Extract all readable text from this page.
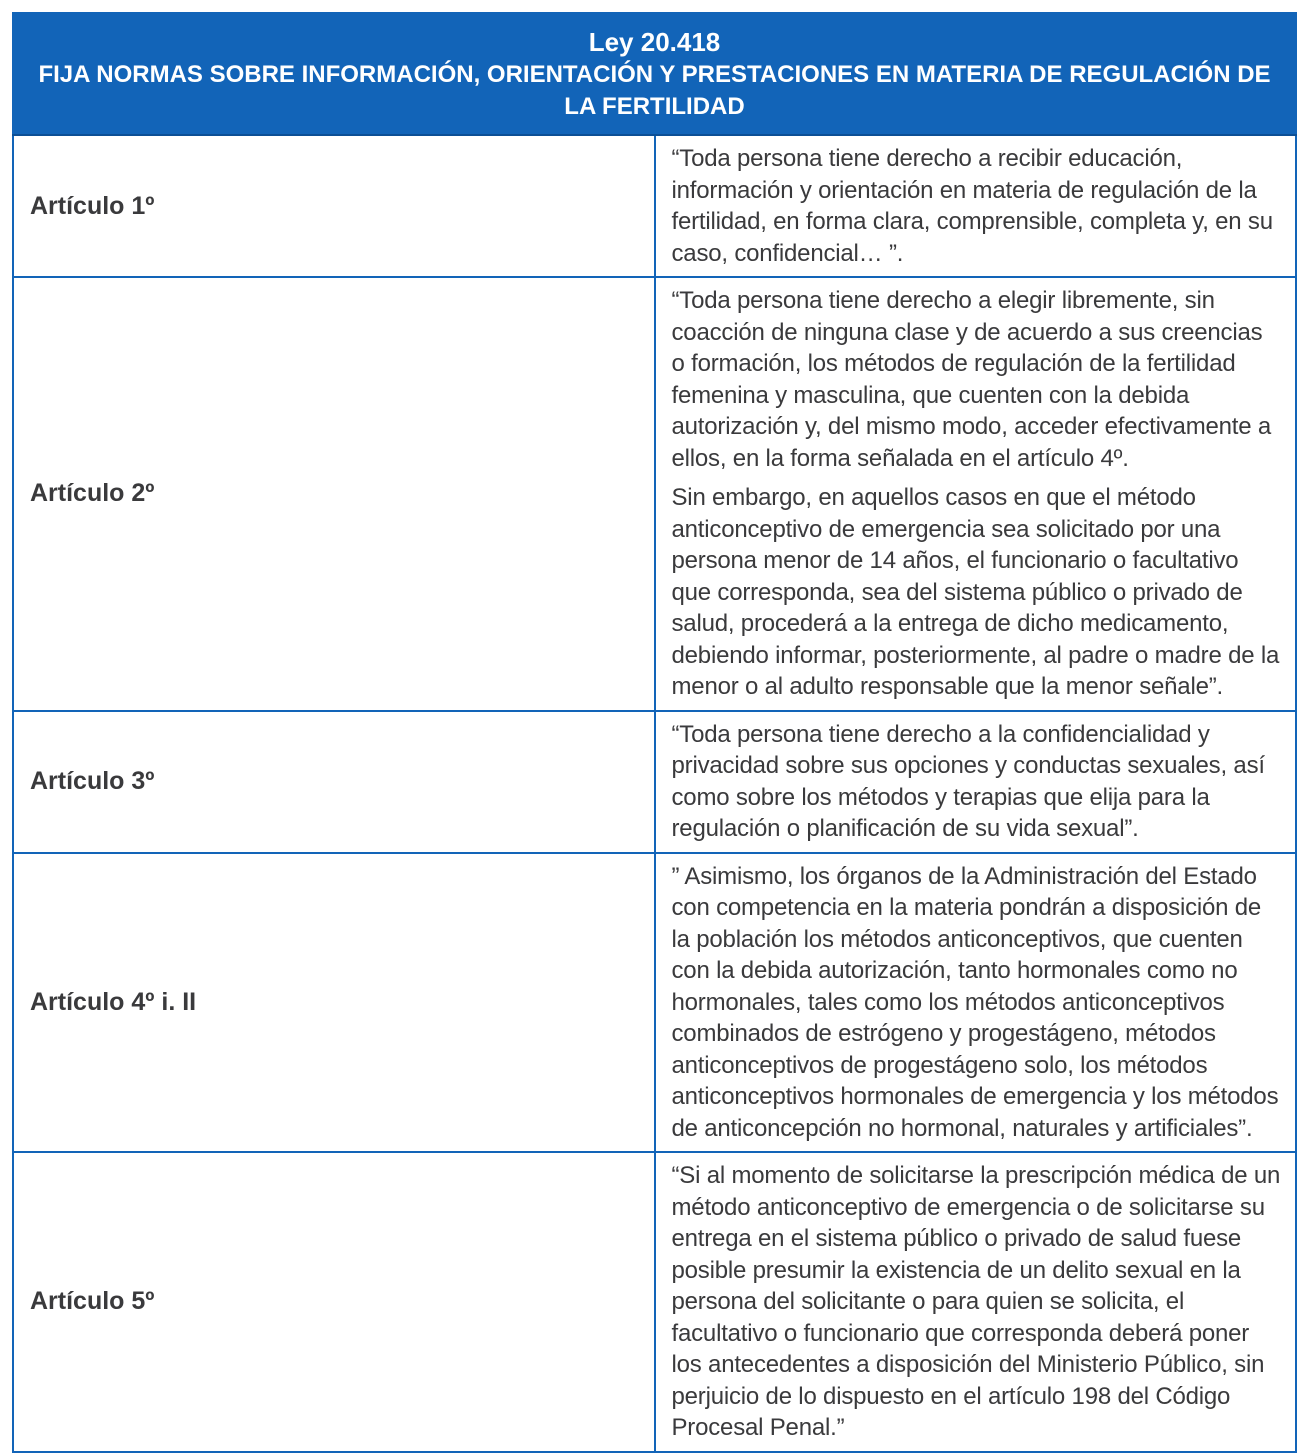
Ley 20.418
FIJA NORMAS SOBRE INFORMACIÓN, ORIENTACIÓN Y PRESTACIONES EN MATERIA DE REGULACIÓN DE LA FERTILIDAD	

Artículo 1º	“Toda persona tiene derecho a recibir educación, información y orientación en materia de regulación de la fertilidad, en forma clara, comprensible, completa y, en su caso, confidencial… ”.

Artículo 2º	“Toda persona tiene derecho a elegir libremente, sin coacción de ninguna clase y de acuerdo a sus creencias o formación, los métodos de regulación de la fertilidad femenina y masculina, que cuenten con la debida autorización y, del mismo modo, acceder efectivamente a ellos, en la forma señalada en el artículo 4º.

Sin embargo, en aquellos casos en que el método anticonceptivo de emergencia sea solicitado por una persona menor de 14 años, el funcionario o facultativo que corresponda, sea del sistema público o privado de salud, procederá a la entrega de dicho medicamento, debiendo informar, posteriormente, al padre o madre de la menor o al adulto responsable que la menor señale”.

Artículo 3º	“Toda persona tiene derecho a la confidencialidad y privacidad sobre sus opciones y conductas sexuales, así como sobre los métodos y terapias que elija para la regulación o planificación de su vida sexual”.

Artículo 4º i. II	” Asimismo, los órganos de la Administración del Estado con competencia en la materia pondrán a disposición de la población los métodos anticonceptivos, que cuenten con la debida autorización, tanto hormonales como no hormonales, tales como los métodos anticonceptivos combinados de estrógeno y progestágeno, métodos anticonceptivos de progestágeno solo, los métodos anticonceptivos hormonales de emergencia y los métodos de anticoncepción no hormonal, naturales y artificiales”.

Artículo 5º	“Si al momento de solicitarse la prescripción médica de un método anticonceptivo de emergencia o de solicitarse su entrega en el sistema público o privado de salud fuese posible presumir la existencia de un delito sexual en la persona del solicitante o para quien se solicita, el facultativo o funcionario que corresponda deberá poner los antecedentes a disposición del Ministerio Público, sin perjuicio de lo dispuesto en el artículo 198 del Código Procesal Penal.”
